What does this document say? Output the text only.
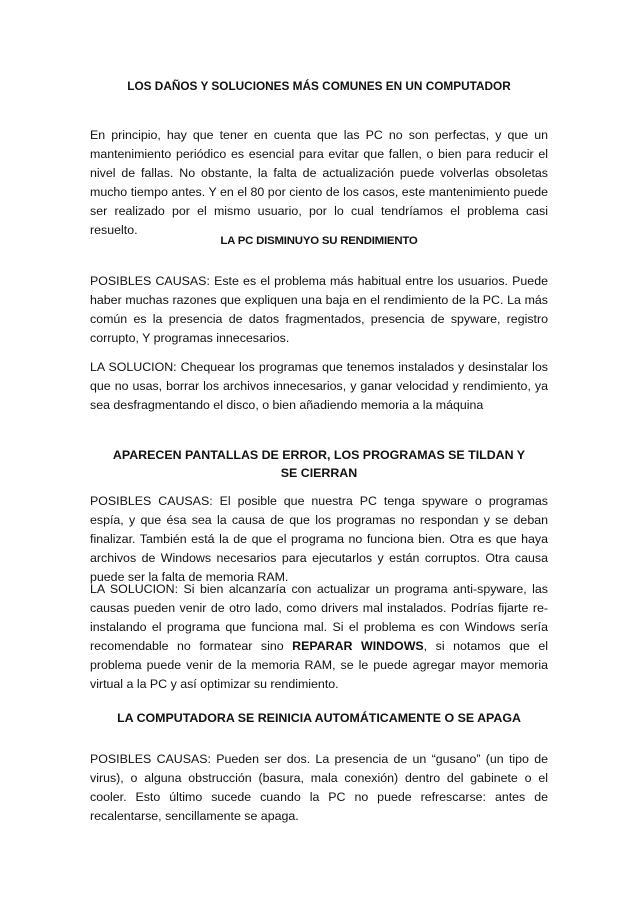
LOS DAÑOS Y SOLUCIONES MÁS COMUNES EN UN COMPUTADOR
En principio, hay que tener en cuenta que las PC no son perfectas, y que un mantenimiento periódico es esencial para evitar que fallen, o bien para reducir el nivel de fallas. No obstante, la falta de actualización puede volverlas obsoletas mucho tiempo antes. Y en el 80 por ciento de los casos, este mantenimiento puede ser realizado por el mismo usuario, por lo cual tendríamos el problema casi resuelto.
LA PC DISMINUYO SU RENDIMIENTO
POSIBLES CAUSAS: Este es el problema más habitual entre los usuarios. Puede haber muchas razones que expliquen una baja en el rendimiento de la PC. La más común es la presencia de datos fragmentados, presencia de spyware, registro corrupto, Y programas innecesarios.
LA SOLUCION: Chequear los programas que tenemos instalados y desinstalar los que no usas, borrar los archivos innecesarios, y ganar velocidad y rendimiento, ya sea desfragmentando el disco, o bien añadiendo memoria a la máquina
APARECEN PANTALLAS DE ERROR, LOS PROGRAMAS SE TILDAN Y SE CIERRAN
POSIBLES CAUSAS: El posible que nuestra PC tenga spyware o programas espía, y que ésa sea la causa de que los programas no respondan y se deban finalizar. También está la de que el programa no funciona bien. Otra es que haya archivos de Windows necesarios para ejecutarlos y están corruptos. Otra causa puede ser la falta de memoria RAM.
LA SOLUCION: Si bien alcanzaría con actualizar un programa anti-spyware, las causas pueden venir de otro lado, como drivers mal instalados. Podrías fijarte re-instalando el programa que funciona mal. Si el problema es con Windows sería recomendable no formatear sino REPARAR WINDOWS, si notamos que el problema puede venir de la memoria RAM, se le puede agregar mayor memoria virtual a la PC y así optimizar su rendimiento.
LA COMPUTADORA SE REINICIA AUTOMÁTICAMENTE O SE APAGA
POSIBLES CAUSAS: Pueden ser dos. La presencia de un “gusano” (un tipo de virus), o alguna obstrucción (basura, mala conexión) dentro del gabinete o el cooler. Esto último sucede cuando la PC no puede refrescarse: antes de recalentarse, sencillamente se apaga.
